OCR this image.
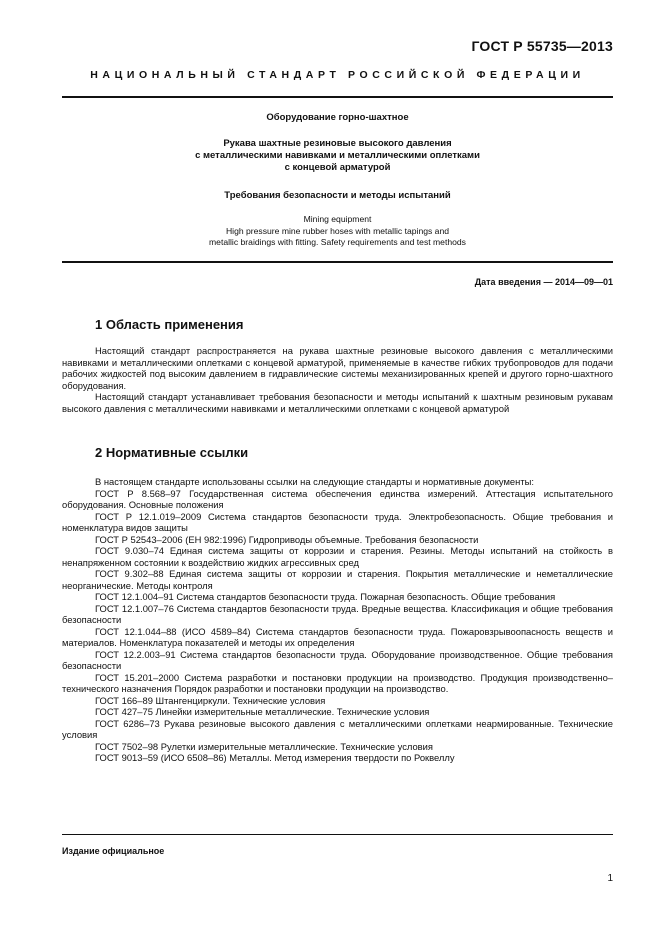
ГОСТ Р 55735—2013
НАЦИОНАЛЬНЫЙ СТАНДАРТ РОССИЙСКОЙ ФЕДЕРАЦИИ
Оборудование горно-шахтное
Рукава шахтные резиновые высокого давления
с металлическими навивками и металлическими оплетками
с концевой арматурой
Требования безопасности и методы испытаний
Mining equipment
High pressure mine rubber hoses with metallic tapings and
metallic braidings with fitting. Safety requirements and test methods
Дата введения — 2014—09—01
1 Область применения

Настоящий стандарт распространяется на рукава шахтные резиновые высокого давления с металлическими навивками и металлическими оплетками с концевой арматурой, применяемые в качестве гибких трубопроводов для подачи рабочих жидкостей под высоким давлением в гидравлические системы механизированных крепей и другого горно-шахтного оборудования.

Настоящий стандарт устанавливает требования безопасности и методы испытаний к шахтным резиновым рукавам высокого давления с металлическими навивками и металлическими оплетками с концевой арматурой

2 Нормативные ссылки

В настоящем стандарте использованы ссылки на следующие стандарты и нормативные документы:

ГОСТ Р 8.568–97 Государственная система обеспечения единства измерений. Аттестация испытательного оборудования. Основные положения

ГОСТ Р 12.1.019–2009 Система стандартов безопасности труда. Электробезопасность. Общие требования и номенклатура видов защиты

ГОСТ Р 52543–2006 (ЕН 982:1996) Гидроприводы объемные. Требования безопасности

ГОСТ 9.030–74 Единая система защиты от коррозии и старения. Резины. Методы испытаний на стойкость в ненапряженном состоянии к воздействию жидких агрессивных сред

ГОСТ 9.302–88 Единая система защиты от коррозии и старения. Покрытия металлические и неметаллические неорганические. Методы контроля

ГОСТ 12.1.004–91 Система стандартов безопасности труда. Пожарная безопасность. Общие требования

ГОСТ 12.1.007–76 Система стандартов безопасности труда. Вредные вещества. Классификация и общие требования безопасности

ГОСТ 12.1.044–88 (ИСО 4589–84) Система стандартов безопасности труда. Пожаровзрывоопасность веществ и материалов. Номенклатура показателей и методы их определения

ГОСТ 12.2.003–91 Система стандартов безопасности труда. Оборудование производственное. Общие требования безопасности

ГОСТ 15.201–2000 Система разработки и постановки продукции на производство. Продукция производственно–технического назначения Порядок разработки и постановки продукции на производство.

ГОСТ 166–89 Штангенциркули. Технические условия

ГОСТ 427–75 Линейки измерительные металлические. Технические условия

ГОСТ 6286–73 Рукава резиновые высокого давления с металлическими оплетками неармированные. Технические условия

ГОСТ 7502–98 Рулетки измерительные металлические. Технические условия

ГОСТ 9013–59 (ИСО 6508–86) Металлы. Метод измерения твердости по Роквеллу

Издание официальное
1
